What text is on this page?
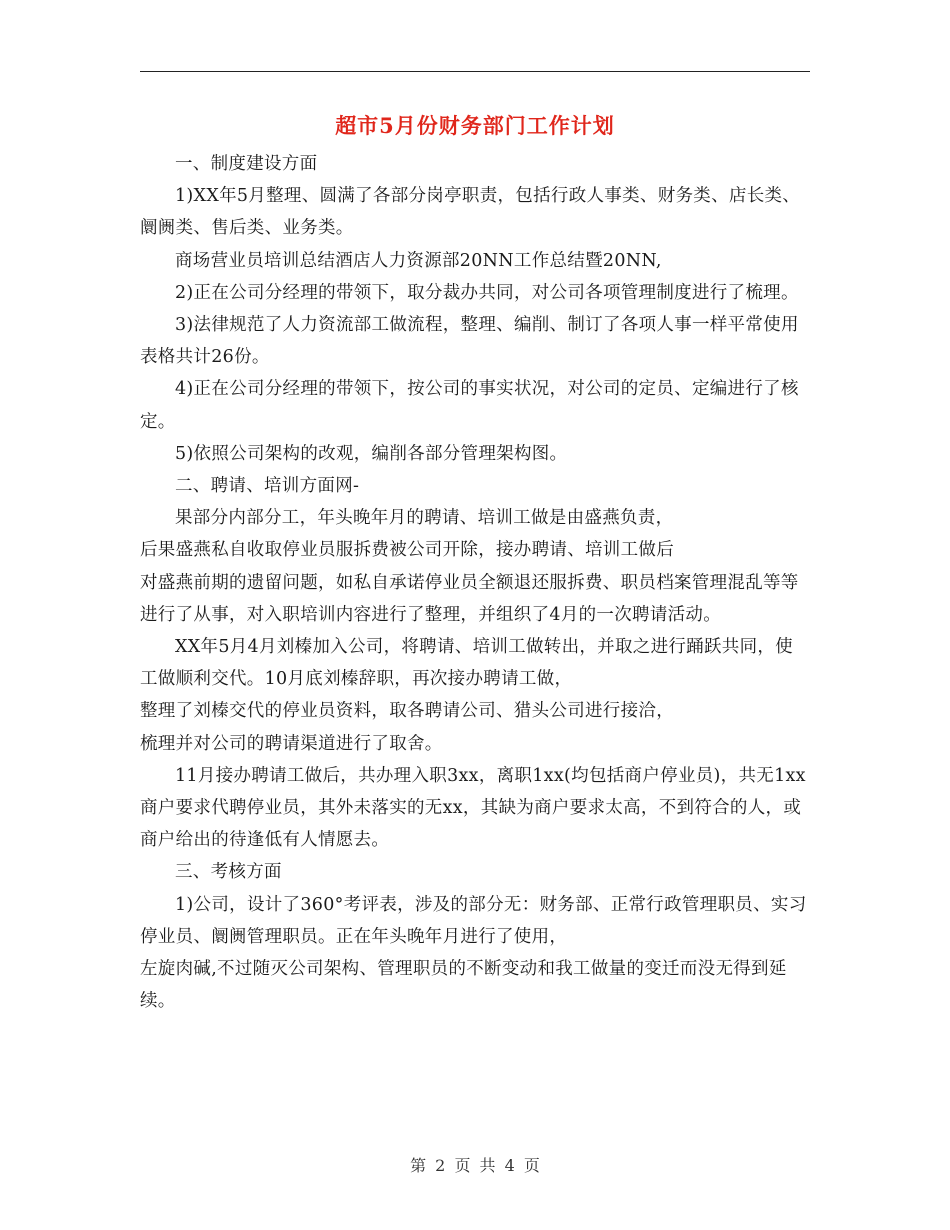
超市5月份财务部门工作计划

一、制度建设方面

1)XX年5月整理、圆满了各部分岗亭职责，包括行政人事类、财务类、店长类、阛阓类、售后类、业务类。

商场营业员培训总结酒店人力资源部20NN工作总结暨20NN,

2)正在公司分经理的带领下，取分裁办共同，对公司各项管理制度进行了梳理。

3)法律规范了人力资流部工做流程，整理、编削、制订了各项人事一样平常使用表格共计26份。

4)正在公司分经理的带领下，按公司的事实状况，对公司的定员、定编进行了核定。

5)依照公司架构的改观，编削各部分管理架构图。

二、聘请、培训方面网-

果部分内部分工，年头晚年月的聘请、培训工做是由盛燕负责，

后果盛燕私自收取停业员服拆费被公司开除，接办聘请、培训工做后

对盛燕前期的遗留问题，如私自承诺停业员全额退还服拆费、职员档案管理混乱等等进行了从事，对入职培训内容进行了整理，并组织了4月的一次聘请活动。

XX年5月4月刘榛加入公司，将聘请、培训工做转出，并取之进行踊跃共同，使工做顺利交代。10月底刘榛辞职，再次接办聘请工做，

整理了刘榛交代的停业员资料，取各聘请公司、猎头公司进行接洽，

梳理并对公司的聘请渠道进行了取舍。

11月接办聘请工做后，共办理入职3xx，离职1xx(均包括商户停业员)，共无1xx商户要求代聘停业员，其外未落实的无xx，其缺为商户要求太高，不到符合的人，或商户给出的待逢低有人情愿去。

三、考核方面

1)公司，设计了360°考评表，涉及的部分无：财务部、正常行政管理职员、实习停业员、阛阓管理职员。正在年头晚年月进行了使用，

左旋肉碱,不过随灭公司架构、管理职员的不断变动和我工做量的变迁而没无得到延续。

第 2 页 共 4 页
